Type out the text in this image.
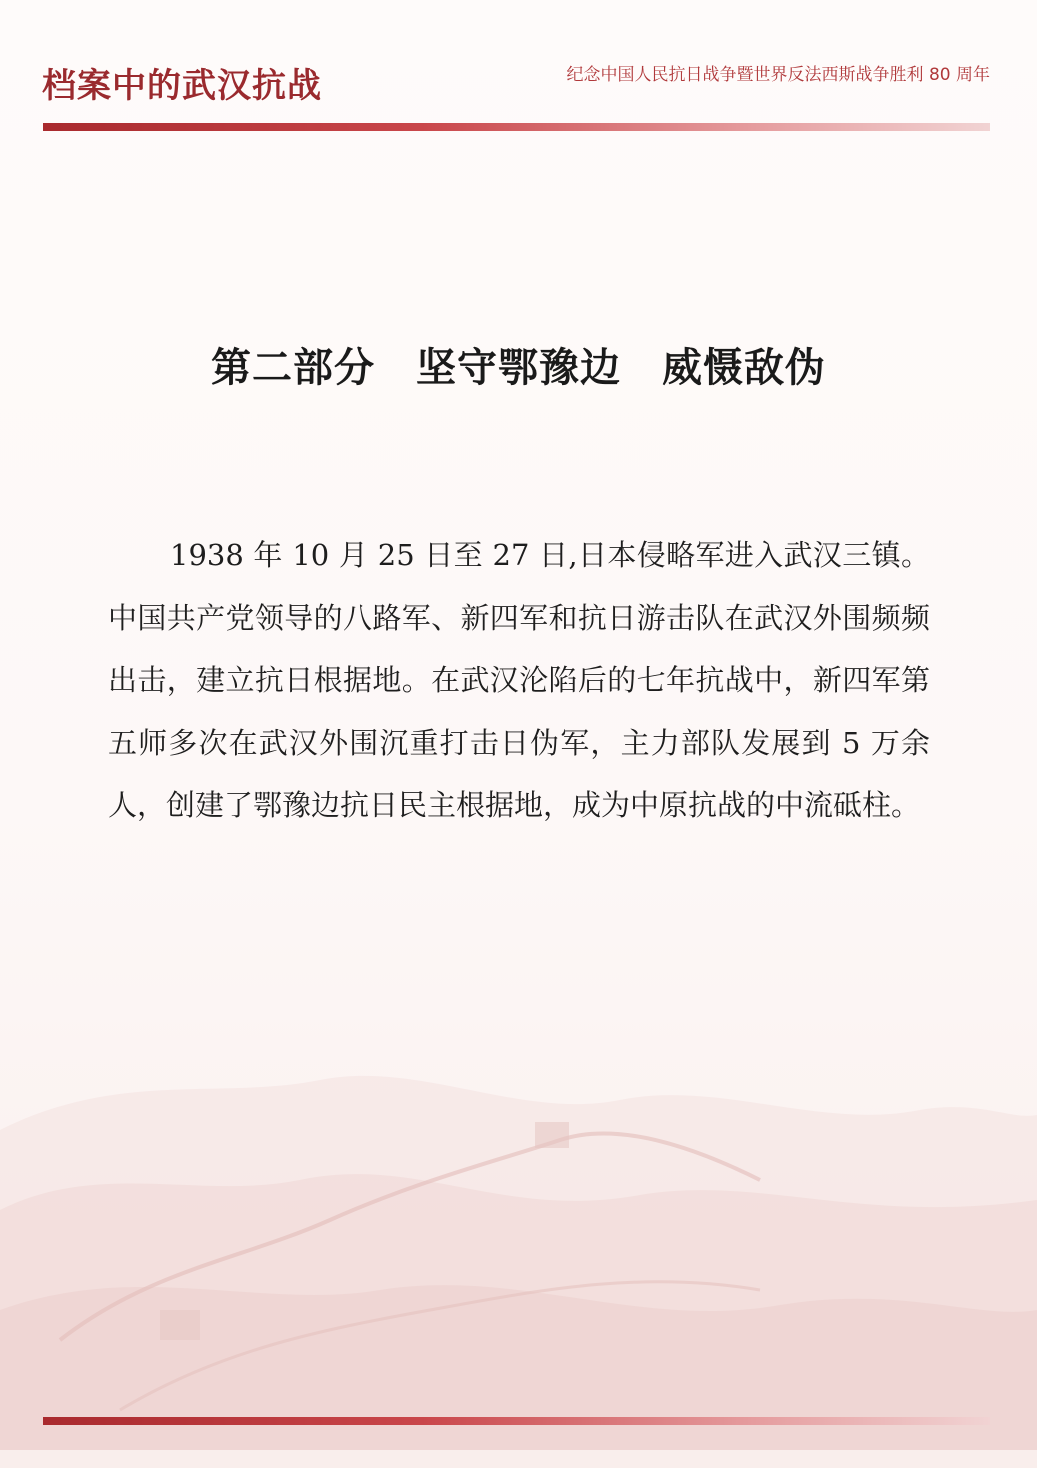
档案中的武汉抗战	纪念中国人民抗日战争暨世界反法西斯战争胜利 80 周年
第二部分　坚守鄂豫边　威慑敌伪

1938 年 10 月 25 日至 27 日,日本侵略军进入武汉三镇。中国共产党领导的八路军、新四军和抗日游击队在武汉外围频频出击，建立抗日根据地。在武汉沦陷后的七年抗战中，新四军第五师多次在武汉外围沉重打击日伪军，主力部队发展到 5 万余人，创建了鄂豫边抗日民主根据地，成为中原抗战的中流砥柱。
